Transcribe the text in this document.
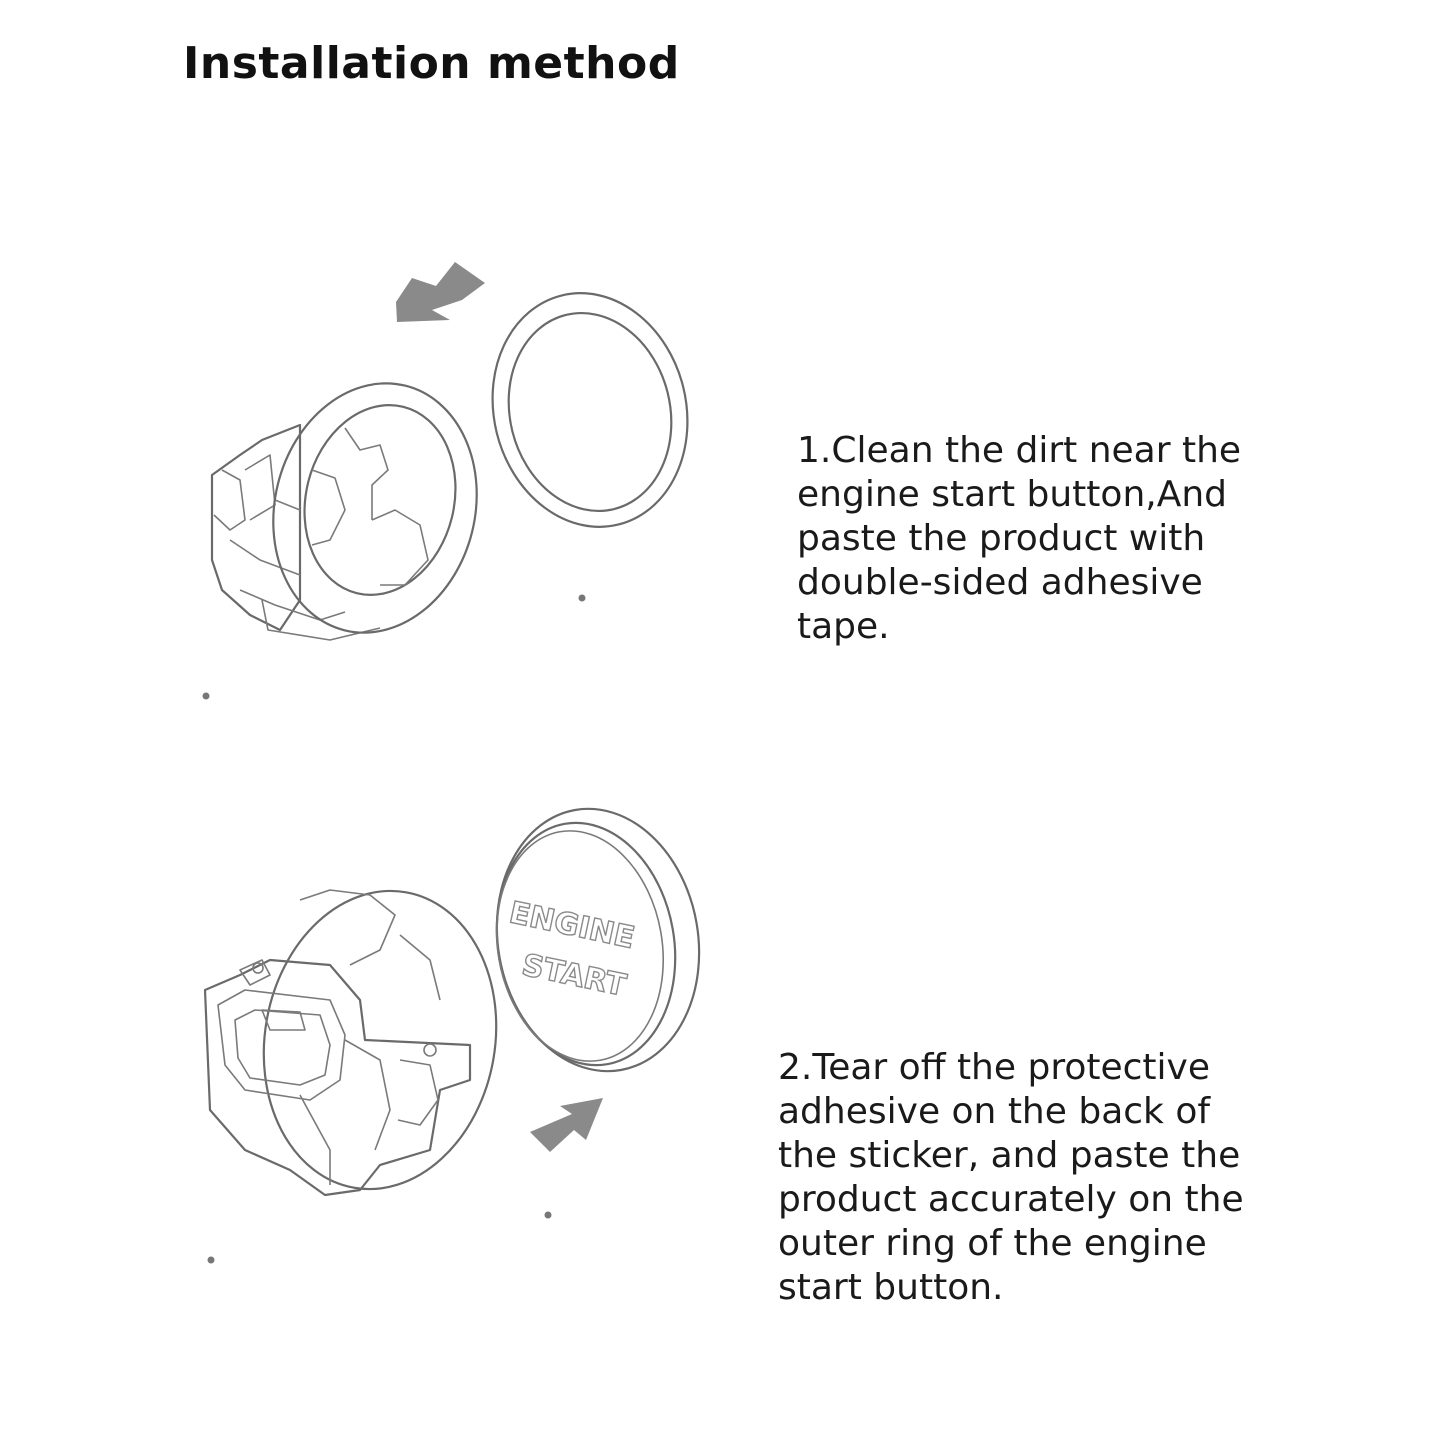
Installation method
ENGINE
START
1.Clean the dirt near the
engine start button,And
paste the product with
double-sided adhesive
tape.
2.Tear off the protective
adhesive on the back of
the sticker, and paste the
product accurately on the
outer ring of the engine
start button.
